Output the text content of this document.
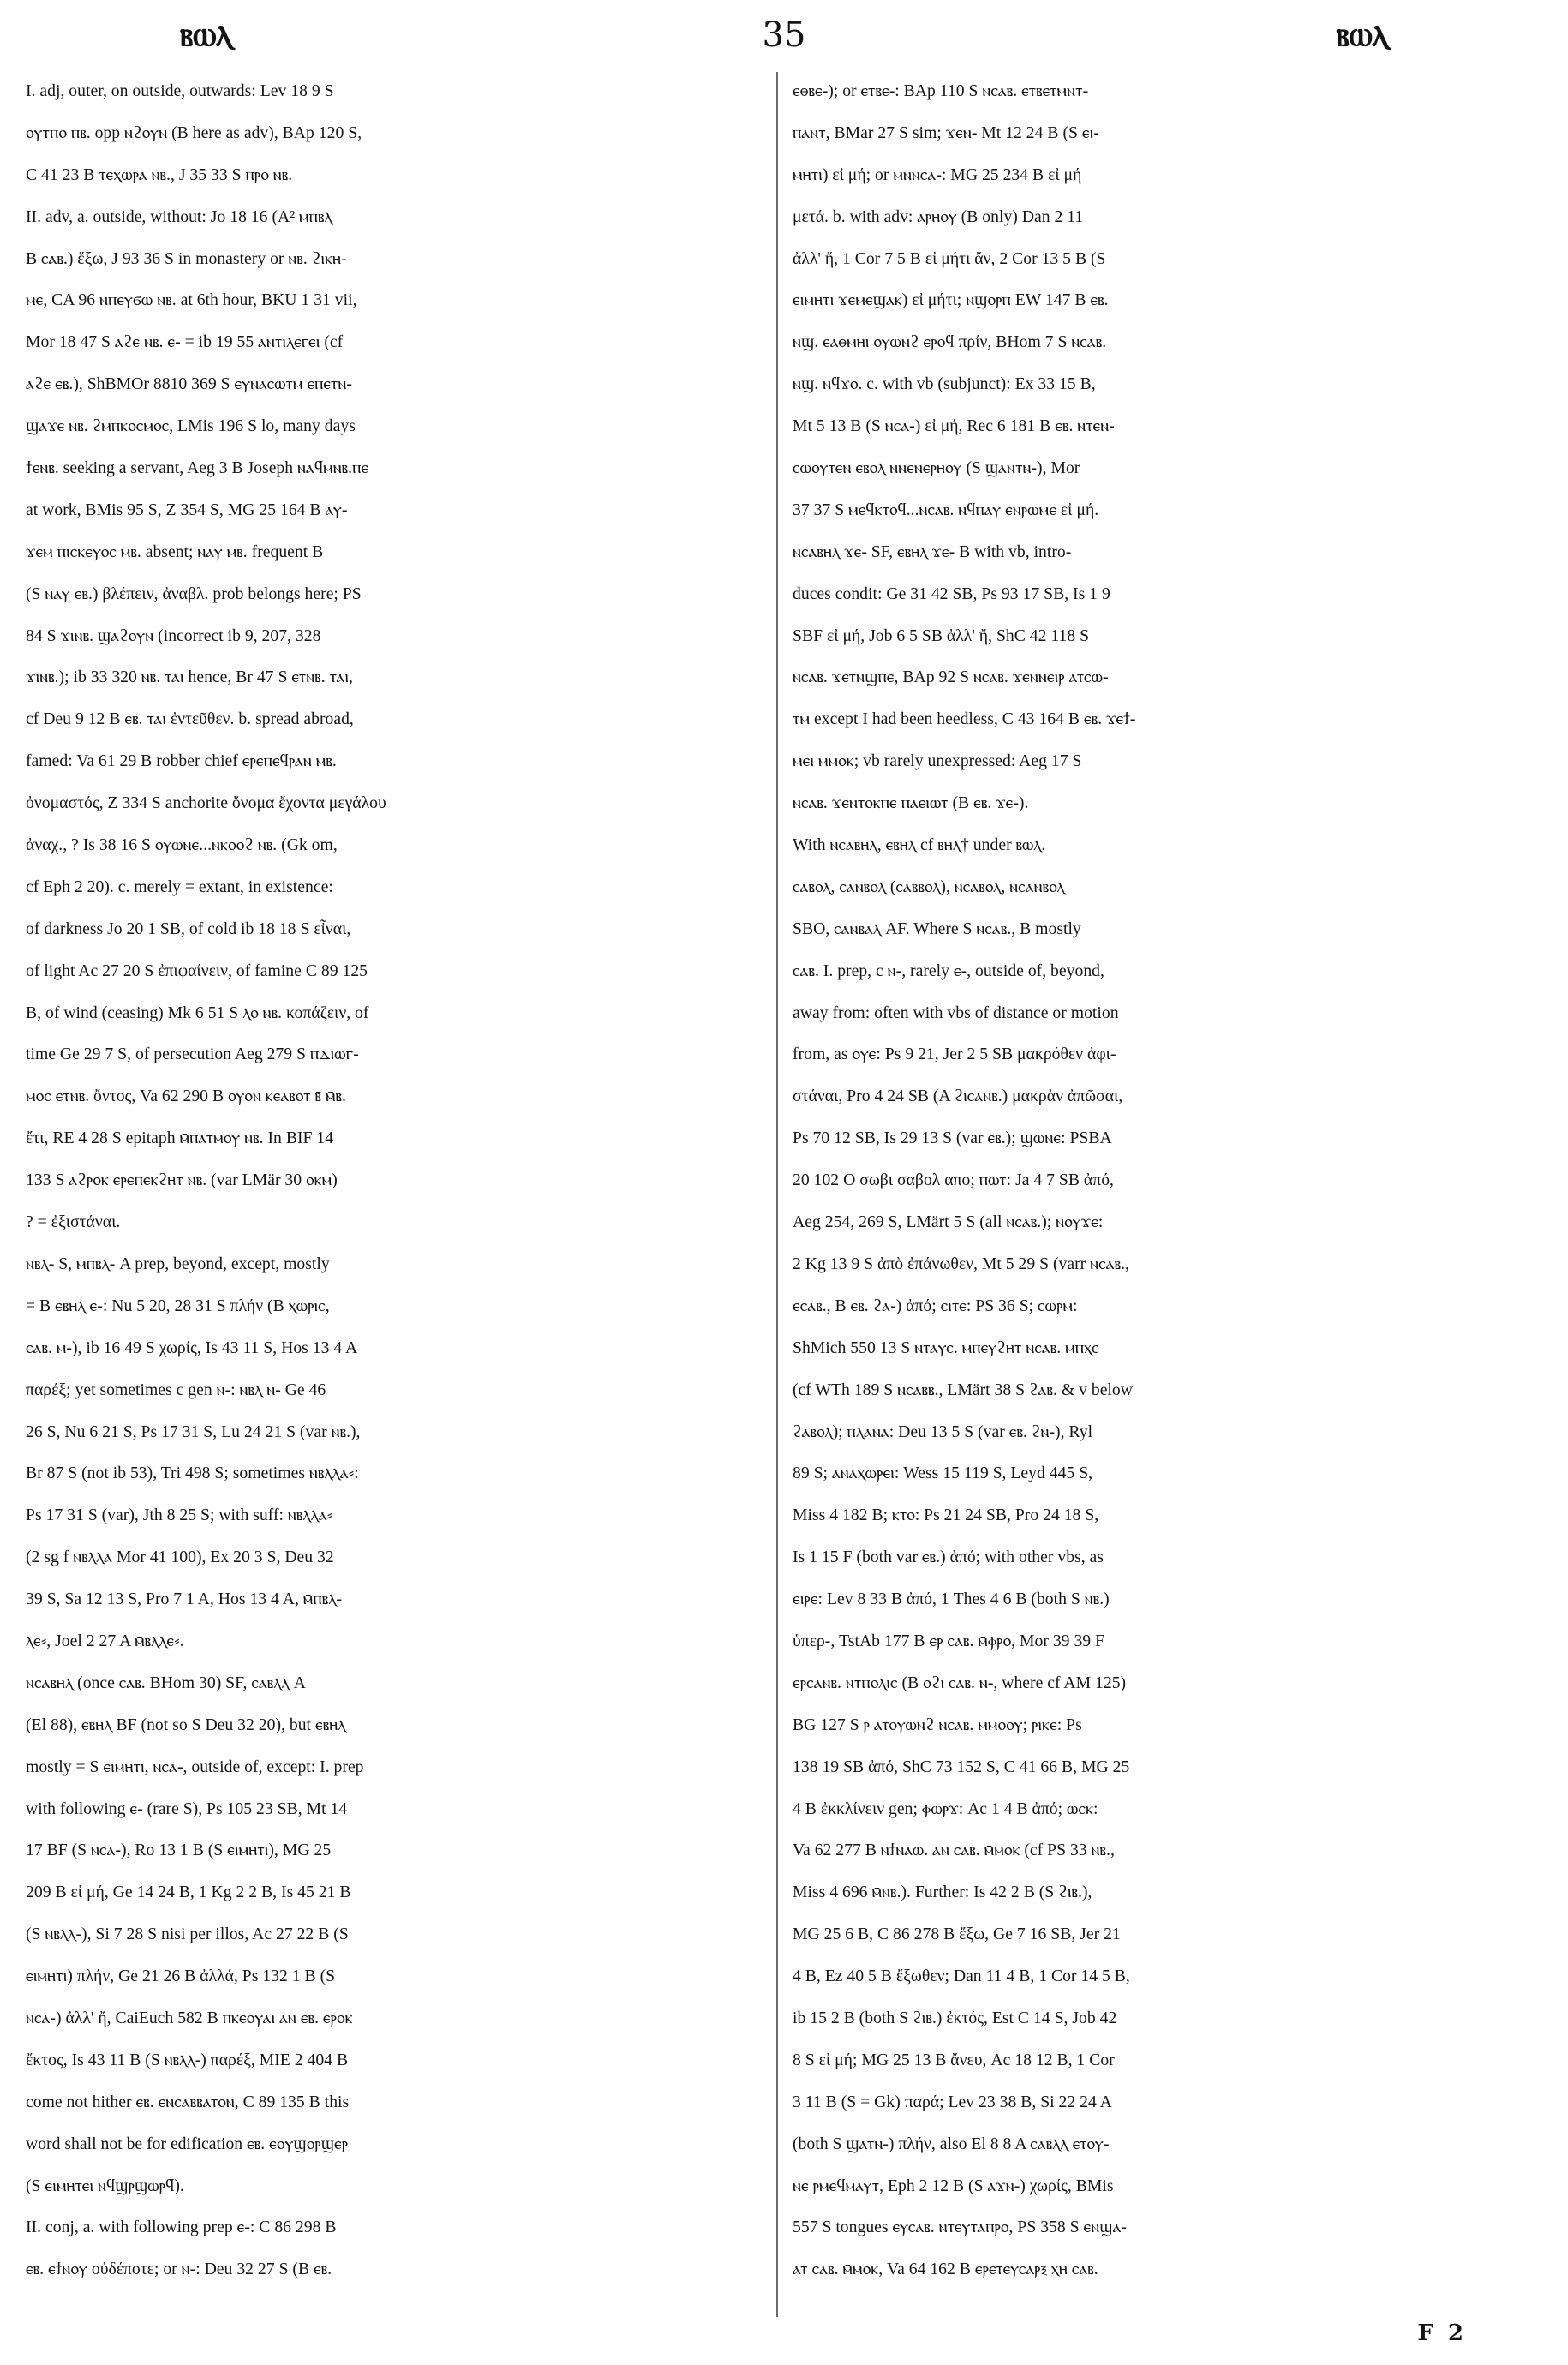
ⲃⲱⲗ	35	ⲃⲱⲗ
I. adj, outer, on outside, outwards: Lev 18 9 S
ⲟⲩⲧⲡⲟ ⲡⲃ. opp ⲛ̄ϩⲟⲩⲛ (B here as adv), BAp 120 S,
C 41 23 B ⲧⲉⲭⲱⲣⲁ ⲛⲃ., J 35 33 S ⲡⲣⲟ ⲛⲃ.
II. adv, a. outside, without: Jo 18 16 (A² ⲙ̄ⲡⲃⲗ
B ⲥⲁⲃ.) ἔξω, J 93 36 S in monastery or ⲛⲃ. ϩⲓⲕⲏ-
ⲙⲉ, CA 96 ⲛⲡⲉⲩϭⲱ ⲛⲃ. at 6th hour, BKU 1 31 vii,
Mor 18 47 S ⲁϩⲉ ⲛⲃ. ⲉ- = ib 19 55 ⲁⲛⲧⲓⲗⲉⲅⲉⲓ (cf
ⲁϩⲉ ⲉⲃ.), ShBMOr 8810 369 S ⲉⲩⲛⲁⲥⲱⲧⲙ̄ ⲉⲡⲉⲧⲛ-
ϣⲁϫⲉ ⲛⲃ. ϩⲙ̄ⲡⲕⲟⲥⲙⲟⲥ, LMis 196 S lo, many days
ϯⲉⲛⲃ. seeking a servant, Aeg 3 B Joseph ⲛⲁϥⲙ̄ⲛⲃ.ⲡⲉ
at work, BMis 95 S, Z 354 S, MG 25 164 B ⲁⲩ-
ϫⲉⲙ ⲡⲓⲥⲕⲉⲩⲟⲥ ⲙ̄ⲃ. absent; ⲛⲁⲩ ⲙ̄ⲃ. frequent B
(S ⲛⲁⲩ ⲉⲃ.) βλέπειν, ἀναβλ. prob belongs here; PS
84 S ϫⲓⲛⲃ. ϣⲁϩⲟⲩⲛ (incorrect ib 9, 207, 328
ϫⲓⲛⲃ.); ib 33 320 ⲛⲃ. ⲧⲁⲓ hence, Br 47 S ⲉⲧⲛⲃ. ⲧⲁⲓ,
cf Deu 9 12 B ⲉⲃ. ⲧⲁⲓ ἐντεῦθεν. b. spread abroad,
famed: Va 61 29 B robber chief ⲉⲣⲉⲡⲉϥⲣⲁⲛ ⲙ̄ⲃ.
ὀνομαστός, Z 334 S anchorite ὄνομα ἔχοντα μεγάλου
ἀναχ., ? Is 38 16 S ⲟⲩⲱⲛⲉ...ⲛⲕⲟⲟϩ ⲛⲃ. (Gk om,
cf Eph 2 20). c. merely = extant, in existence:
of darkness Jo 20 1 SB, of cold ib 18 18 S εἶναι,
of light Ac 27 20 S ἐπιφαίνειν, of famine C 89 125
B, of wind (ceasing) Mk 6 51 S ⲗⲟ ⲛⲃ. κοπάζειν, of
time Ge 29 7 S, of persecution Aeg 279 S ⲡⲇⲓⲱⲅ-
ⲙⲟⲥ ⲉⲧⲛⲃ. ὄντος, Va 62 290 B ⲟⲩⲟⲛ ⲕⲉⲁⲃⲟⲧ ⲃ̄ ⲙ̄ⲃ.
ἔτι, RE 4 28 S epitaph ⲙ̄ⲡⲁⲧⲙⲟⲩ ⲛⲃ. In BIF 14
133 S ⲁϩⲣⲟⲕ ⲉⲣⲉⲡⲉⲕϩⲏⲧ ⲛⲃ. (var LMär 30 ⲟⲕⲙ)
? = ἐξιστάναι.
ⲛⲃⲗ- S, ⲙ̄ⲡⲃⲗ- A prep, beyond, except, mostly
= B ⲉⲃⲏⲗ ⲉ-: Nu 5 20, 28 31 S πλήν (B ⲭⲱⲣⲓⲥ,
ⲥⲁⲃ. ⲙ̄-), ib 16 49 S χωρίς, Is 43 11 S, Hos 13 4 A
παρέξ; yet sometimes c gen ⲛ-: ⲛⲃⲗ ⲛ- Ge 46
26 S, Nu 6 21 S, Ps 17 31 S, Lu 24 21 S (var ⲛⲃ.),
Br 87 S (not ib 53), Tri 498 S; sometimes ⲛⲃⲗⲗⲁ⸗:
Ps 17 31 S (var), Jth 8 25 S; with suff: ⲛⲃⲗⲗⲁ⸗
(2 sg f ⲛⲃⲗⲗⲁ Mor 41 100), Ex 20 3 S, Deu 32
39 S, Sa 12 13 S, Pro 7 1 A, Hos 13 4 A, ⲙ̄ⲡⲃⲗ-
ⲗⲉ⸗, Joel 2 27 A ⲙ̄ⲃⲗⲗⲉ⸗.
ⲛⲥⲁⲃⲏⲗ (once ⲥⲁⲃ. BHom 30) SF, ⲥⲁⲃⲗⲗ A
(El 88), ⲉⲃⲏⲗ BF (not so S Deu 32 20), but ⲉⲃⲏⲗ
mostly = S ⲉⲓⲙⲏⲧⲓ, ⲛⲥⲁ-, outside of, except: I. prep
with following ⲉ- (rare S), Ps 105 23 SB, Mt 14
17 BF (S ⲛⲥⲁ-), Ro 13 1 B (S ⲉⲓⲙⲏⲧⲓ), MG 25
209 B εἰ μή, Ge 14 24 B, 1 Kg 2 2 B, Is 45 21 B
(S ⲛⲃⲗⲗ-), Si 7 28 S nisi per illos, Ac 27 22 B (S
ⲉⲓⲙⲏⲧⲓ) πλήν, Ge 21 26 B ἀλλά, Ps 132 1 B (S
ⲛⲥⲁ-) ἀλλ' ἤ, CaiEuch 582 B ⲡⲕⲉⲟⲩⲁⲓ ⲁⲛ ⲉⲃ. ⲉⲣⲟⲕ
ἔκτος, Is 43 11 B (S ⲛⲃⲗⲗ-) παρέξ, MIE 2 404 B
come not hither ⲉⲃ. ⲉⲛⲥⲁⲃⲃⲁⲧⲟⲛ, C 89 135 B this
word shall not be for edification ⲉⲃ. ⲉⲟⲩϣⲟⲣϣⲉⲣ
(S ⲉⲓⲙⲏⲧⲉⲓ ⲛϥϣⲣϣⲱⲣϥ).
II. conj, a. with following prep ⲉ-: C 86 298 B
ⲉⲃ. ⲉϯⲛⲟⲩ οὐδέποτε; or ⲛ-: Deu 32 27 S (B ⲉⲃ.
ⲉⲑⲃⲉ-); or ⲉⲧⲃⲉ-: BAp 110 S ⲛⲥⲁⲃ. ⲉⲧⲃⲉⲧⲙⲛⲧ-
ⲡⲁⲛⲧ, BMar 27 S sim; ϫⲉⲛ- Mt 12 24 B (S ⲉⲓ-
ⲙⲏⲧⲓ) εἰ μή; or ⲙ̄ⲛⲛⲥⲁ-: MG 25 234 B εἰ μή
μετά. b. with adv: ⲁⲣⲏⲟⲩ (B only) Dan 2 11
ἀλλ' ἤ, 1 Cor 7 5 B εἰ μήτι ἄν, 2 Cor 13 5 B (S
ⲉⲓⲙⲏⲧⲓ ϫⲉⲙⲉϣⲁⲕ) εἰ μήτι; ⲛ̄ϣⲟⲣⲡ EW 147 B ⲉⲃ.
ⲛϣ. ⲉⲁⲑⲙⲏⲓ ⲟⲩⲱⲛϩ ⲉⲣⲟϥ πρίν, BHom 7 S ⲛⲥⲁⲃ.
ⲛϣ. ⲛϥϫⲟ. c. with vb (subjunct): Ex 33 15 B,
Mt 5 13 B (S ⲛⲥⲁ-) εἰ μή, Rec 6 181 B ⲉⲃ. ⲛⲧⲉⲛ-
ⲥⲱⲟⲩⲧⲉⲛ ⲉⲃⲟⲗ ⲛ̄ⲛⲉⲛⲉⲣⲏⲟⲩ (S ϣⲁⲛⲧⲛ-), Mor
37 37 S ⲙⲉϥⲕⲧⲟϥ...ⲛⲥⲁⲃ. ⲛϥⲡⲁⲩ ⲉⲛⲣⲱⲙⲉ εἰ μή.
ⲛⲥⲁⲃⲏⲗ ϫⲉ- SF, ⲉⲃⲏⲗ ϫⲉ- B with vb, intro-
duces condit: Ge 31 42 SB, Ps 93 17 SB, Is 1 9
SBF εἰ μή, Job 6 5 SB ἀλλ' ἤ, ShC 42 118 S
ⲛⲥⲁⲃ. ϫⲉⲧⲛϣⲡⲉ, BAp 92 S ⲛⲥⲁⲃ. ϫⲉⲛⲛⲉⲓⲣ ⲁⲧⲥⲱ-
ⲧⲙ̄ except I had been heedless, C 43 164 B ⲉⲃ. ϫⲉϯ-
ⲙⲉⲓ ⲙ̄ⲙⲟⲕ; vb rarely unexpressed: Aeg 17 S
ⲛⲥⲁⲃ. ϫⲉⲛⲧⲟⲕⲡⲉ ⲡⲁⲉⲓⲱⲧ (B ⲉⲃ. ϫⲉ-).
With ⲛⲥⲁⲃⲏⲗ, ⲉⲃⲏⲗ cf ⲃⲏⲗ† under ⲃⲱⲗ.
ⲥⲁⲃⲟⲗ, ⲥⲁⲛⲃⲟⲗ (ⲥⲁⲃⲃⲟⲗ), ⲛⲥⲁⲃⲟⲗ, ⲛⲥⲁⲛⲃⲟⲗ
SBO, ⲥⲁⲛⲃⲁⲗ AF. Where S ⲛⲥⲁⲃ., B mostly
ⲥⲁⲃ. I. prep, c ⲛ-, rarely ⲉ-, outside of, beyond,
away from: often with vbs of distance or motion
from, as ⲟⲩⲉ: Ps 9 21, Jer 2 5 SB μακρόθεν ἀφι-
στάναι, Pro 4 24 SB (A ϩⲓⲥⲁⲛⲃ.) μακρὰν ἀπῶσαι,
Ps 70 12 SB, Is 29 13 S (var ⲉⲃ.); ϣⲱⲛⲉ: PSBA
20 102 O σωβι σαβολ απο; ⲡⲱⲧ: Ja 4 7 SB ἀπό,
Aeg 254, 269 S, LMärt 5 S (all ⲛⲥⲁⲃ.); ⲛⲟⲩϫⲉ:
2 Kg 13 9 S ἀπὸ ἐπάνωθεν, Mt 5 29 S (varr ⲛⲥⲁⲃ.,
ⲉⲥⲁⲃ., B ⲉⲃ. ϩⲁ-) ἀπό; ⲥⲓⲧⲉ: PS 36 S; ⲥⲱⲣⲙ:
ShMich 550 13 S ⲛⲧⲁⲩⲥ. ⲙ̄ⲡⲉⲩϩⲏⲧ ⲛⲥⲁⲃ. ⲙ̄ⲡⲭ̄ⲥ̄
(cf WTh 189 S ⲛⲥⲁⲃⲃ., LMärt 38 S ϩⲁⲃ. & v below
ϩⲁⲃⲟⲗ); ⲡⲗⲁⲛⲁ: Deu 13 5 S (var ⲉⲃ. ϩⲛ-), Ryl
89 S; ⲁⲛⲁⲭⲱⲣⲉⲓ: Wess 15 119 S, Leyd 445 S,
Miss 4 182 B; ⲕⲧⲟ: Ps 21 24 SB, Pro 24 18 S,
Is 1 15 F (both var ⲉⲃ.) ἀπό; with other vbs, as
ⲉⲓⲣⲉ: Lev 8 33 B ἀπό, 1 Thes 4 6 B (both S ⲛⲃ.)
ὑπερ-, TstAb 177 B ⲉⲣ ⲥⲁⲃ. ⲙ̄ⲫⲣⲟ, Mor 39 39 F
ⲉⲣⲥⲁⲛⲃ. ⲛⲧⲡⲟⲗⲓⲥ (B ⲟϩⲓ ⲥⲁⲃ. ⲛ-, where cf AM 125)
BG 127 S ⲣ ⲁⲧⲟⲩⲱⲛϩ ⲛⲥⲁⲃ. ⲙ̄ⲙⲟⲟⲩ; ⲣⲓⲕⲉ: Ps
138 19 SB ἀπό, ShC 73 152 S, C 41 66 B, MG 25
4 B ἐκκλίνειν gen; ⲫⲱⲣϫ: Ac 1 4 B ἀπό; ⲱⲥⲕ:
Va 62 277 B ⲛϯⲛⲁⲱ. ⲁⲛ ⲥⲁⲃ. ⲙ̄ⲙⲟⲕ (cf PS 33 ⲛⲃ.,
Miss 4 696 ⲙ̄ⲛⲃ.). Further: Is 42 2 B (S ϩⲓⲃ.),
MG 25 6 B, C 86 278 B ἔξω, Ge 7 16 SB, Jer 21
4 B, Ez 40 5 B ἔξωθεν; Dan 11 4 B, 1 Cor 14 5 B,
ib 15 2 B (both S ϩⲓⲃ.) ἐκτός, Est C 14 S, Job 42
8 S εἰ μή; MG 25 13 B ἄνευ, Ac 18 12 B, 1 Cor
3 11 B (S = Gk) παρά; Lev 23 38 B, Si 22 24 A
(both S ϣⲁⲧⲛ-) πλήν, also El 8 8 A ⲥⲁⲃⲗⲗ ⲉⲧⲟⲩ-
ⲛⲉ ⲣⲙⲉϥⲙⲁⲩⲧ, Eph 2 12 B (S ⲁϫⲛ-) χωρίς, BMis
557 S tongues ⲉⲩⲥⲁⲃ. ⲛⲧⲉⲩⲧⲁⲡⲣⲟ, PS 358 S ⲉⲛϣⲁ-
ⲁⲧ ⲥⲁⲃ. ⲙ̄ⲙⲟⲕ, Va 64 162 B ⲉⲣⲉⲧⲉⲩⲥⲁⲣⲝ ⲭⲏ ⲥⲁⲃ.
F 2
